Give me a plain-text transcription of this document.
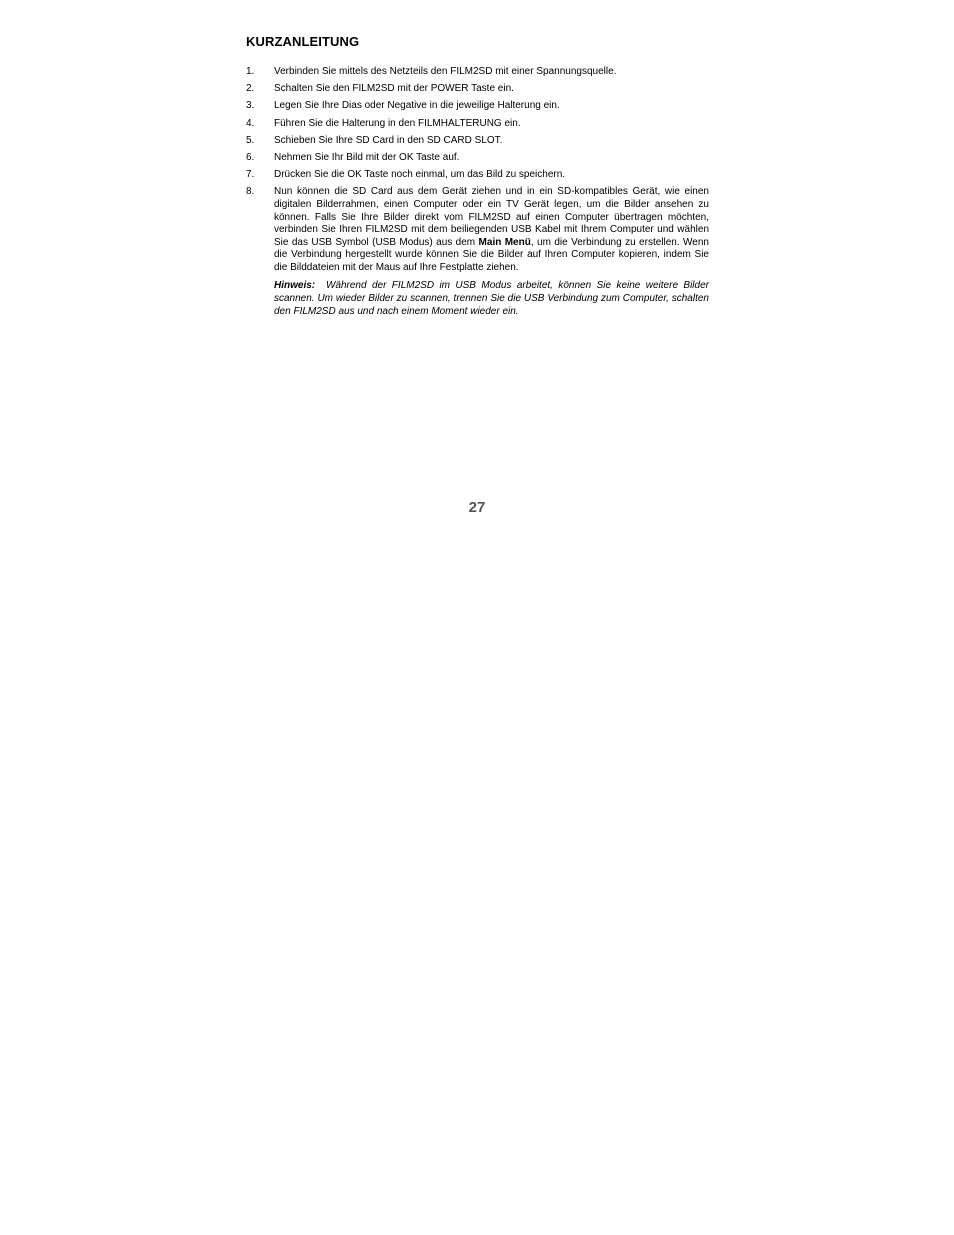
KURZANLEITUNG
1. Verbinden Sie mittels des Netzteils den FILM2SD mit einer Spannungsquelle.
2. Schalten Sie den FILM2SD mit der POWER Taste ein.
3. Legen Sie Ihre Dias oder Negative in die jeweilige Halterung ein.
4. Führen Sie die Halterung in den FILMHALTERUNG ein.
5. Schieben Sie Ihre SD Card in den SD CARD SLOT.
6. Nehmen Sie Ihr Bild mit der OK Taste auf.
7. Drücken Sie die OK Taste noch einmal, um das Bild zu speichern.
8. Nun können die SD Card aus dem Gerät ziehen und in ein SD-kompatibles Gerät, wie einen digitalen Bilderrahmen, einen Computer oder ein TV Gerät legen, um die Bilder ansehen zu können. Falls Sie Ihre Bilder direkt vom FILM2SD auf einen Computer übertragen möchten, verbinden Sie Ihren FILM2SD mit dem beiliegenden USB Kabel mit Ihrem Computer und wählen Sie das USB Symbol (USB Modus) aus dem Main Menü, um die Verbindung zu erstellen. Wenn die Verbindung hergestellt wurde können Sie die Bilder auf Ihren Computer kopieren, indem Sie die Bilddateien mit der Maus auf Ihre Festplatte ziehen.

Hinweis: Während der FILM2SD im USB Modus arbeitet, können Sie keine weitere Bilder scannen. Um wieder Bilder zu scannen, trennen Sie die USB Verbindung zum Computer, schalten den FILM2SD aus und nach einem Moment wieder ein.

27
